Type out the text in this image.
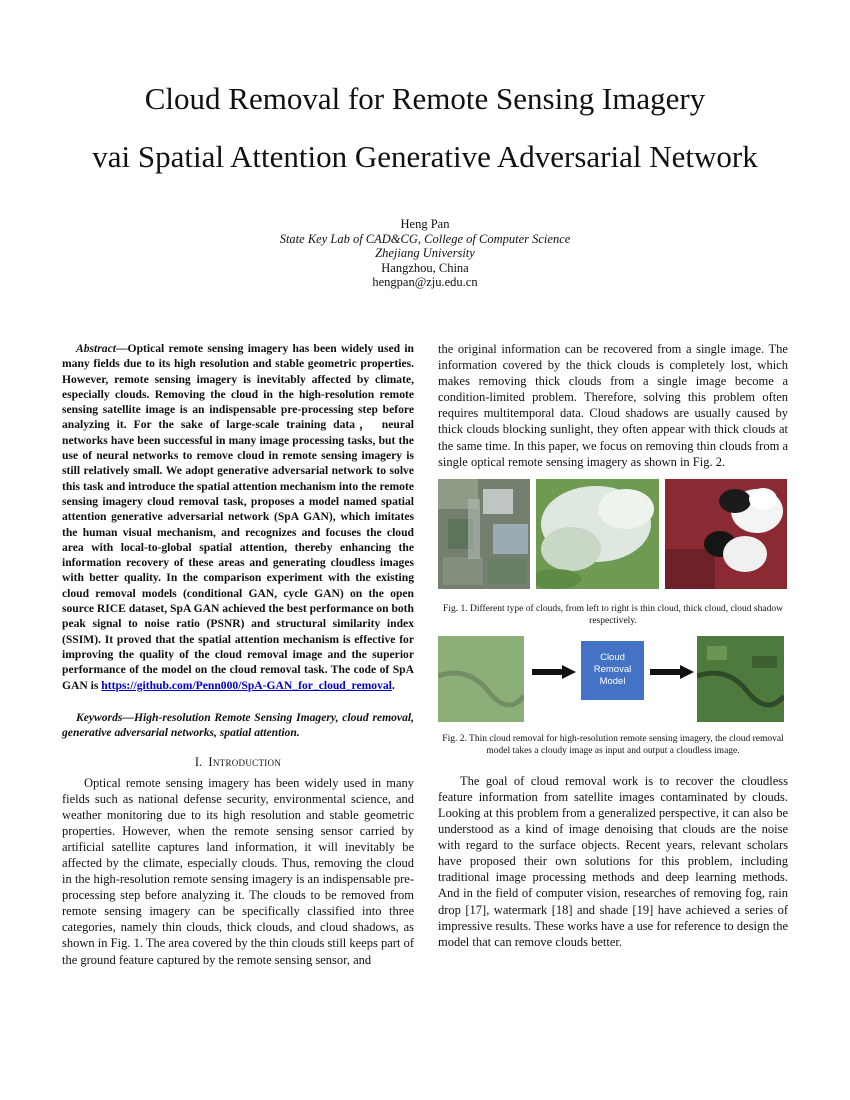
Cloud Removal for Remote Sensing Imagery
vai Spatial Attention Generative Adversarial Network
Heng Pan
State Key Lab of CAD&CG, College of Computer Science
Zhejiang University
Hangzhou, China
hengpan@zju.edu.cn

Abstract—Optical remote sensing imagery has been widely used in many fields due to its high resolution and stable geometric properties. However, remote sensing imagery is inevitably affected by climate, especially clouds. Removing the cloud in the high-resolution remote sensing satellite image is an indispensable pre-processing step before analyzing it. For the sake of large-scale training data， neural networks have been successful in many image processing tasks, but the use of neural networks to remove cloud in remote sensing imagery is still relatively small. We adopt generative adversarial network to solve this task and introduce the spatial attention mechanism into the remote sensing imagery cloud removal task, proposes a model named spatial attention generative adversarial network (SpA GAN), which imitates the human visual mechanism, and recognizes and focuses the cloud area with local-to-global spatial attention, thereby enhancing the information recovery of these areas and generating cloudless images with better quality. In the comparison experiment with the existing cloud removal models (conditional GAN, cycle GAN) on the open source RICE dataset, SpA GAN achieved the best performance on both peak signal to noise ratio (PSNR) and structural similarity index (SSIM). It proved that the spatial attention mechanism is effective for improving the quality of the cloud removal image and the superior performance of the model on the cloud removal task. The code of SpA GAN is https://github.com/Penn000/SpA-GAN_for_cloud_removal.

Keywords—High-resolution Remote Sensing Imagery, cloud removal, generative adversarial networks, spatial attention.

I. Introduction

Optical remote sensing imagery has been widely used in many fields such as national defense security, environmental science, and weather monitoring due to its high resolution and stable geometric properties. However, when the remote sensing sensor carried by artificial satellite captures land information, it will inevitably be affected by the climate, especially clouds. Thus, removing the cloud in the high-resolution remote sensing imagery is an indispensable pre-processing step before analyzing it. The clouds to be removed from remote sensing imagery can be specifically classified into three categories, namely thin clouds, thick clouds, and cloud shadows, as shown in Fig. 1. The area covered by the thin clouds still keeps part of the ground feature captured by the remote sensing sensor, and

the original information can be recovered from a single image. The information covered by the thick clouds is completely lost, which makes removing thick clouds from a single image become a condition-limited problem. Therefore, solving this problem often requires multitemporal data. Cloud shadows are usually caused by thick clouds blocking sunlight, they often appear with thick clouds at the same time. In this paper, we focus on removing thin clouds from a single optical remote sensing imagery as shown in Fig. 2.

Fig. 1. Different type of clouds, from left to right is thin cloud, thick cloud, cloud shadow respectively.

Cloud Removal Model

Fig. 2. Thin cloud removal for high-resolution remote sensing imagery, the cloud removal model takes a cloudy image as input and output a cloudless image.

The goal of cloud removal work is to recover the cloudless feature information from satellite images contaminated by clouds. Looking at this problem from a generalized perspective, it can also be understood as a kind of image denoising that clouds are the noise with regard to the surface objects. Recent years, relevant scholars have proposed their own solutions for this problem, including traditional image processing methods and deep learning methods. And in the field of computer vision, researches of removing fog, rain drop [17], watermark [18] and shade [19] have achieved a series of impressive results. These works have a use for reference to design the model that can remove clouds better.
